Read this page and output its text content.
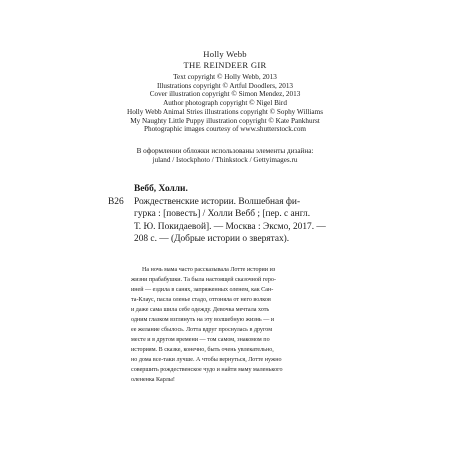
Holly Webb
THE REINDEER GIR
Text copyright © Holly Webb, 2013
Illustrations copyright © Artful Doodlers, 2013
Cover illustration copyright © Simon Mendez, 2013
Author photograph copyright © Nigel Bird
Holly Webb Animal Stries illustrations copyright © Sophy Williams
My Naughty Little Puppy illustration copyright © Kate Pankhurst
Photographic images courtesy of www.shutterstock.com
В оформлении обложки использованы элементы дизайна:
juland / Istockphoto / Thinkstock / Gettyimages.ru
Вебб, Холли.
В26 Рождественские истории. Волшебная фи-
гурка : [повесть] / Холли Вебб ; [пер. с англ.
Т. Ю. Покидаевой]. — Москва : Эксмо, 2017. —
208 с. — (Добрые истории о зверятах).
На ночь мама часто рассказывала Лотте истории из
жизни прабабушки. Та была настоящей сказочной геро-
иней — ездила в санях, запряженных оленем, как Сан-
та-Клаус, пасла оленье стадо, отгоняла от него волков
и даже сама шила себе одежду. Девочка мечтала хоть
одним глазком взглянуть на эту волшебную жизнь — и
ее желание сбылось. Лотта вдруг проснулась в другом
месте и в другом времени — том самом, знакомом по
историям. В сказке, конечно, быть очень увлекательно,
но дома все-таки лучше. А чтобы вернуться, Лотте нужно
совершить рождественское чудо и найти маму маленького
олененка Карлы!
